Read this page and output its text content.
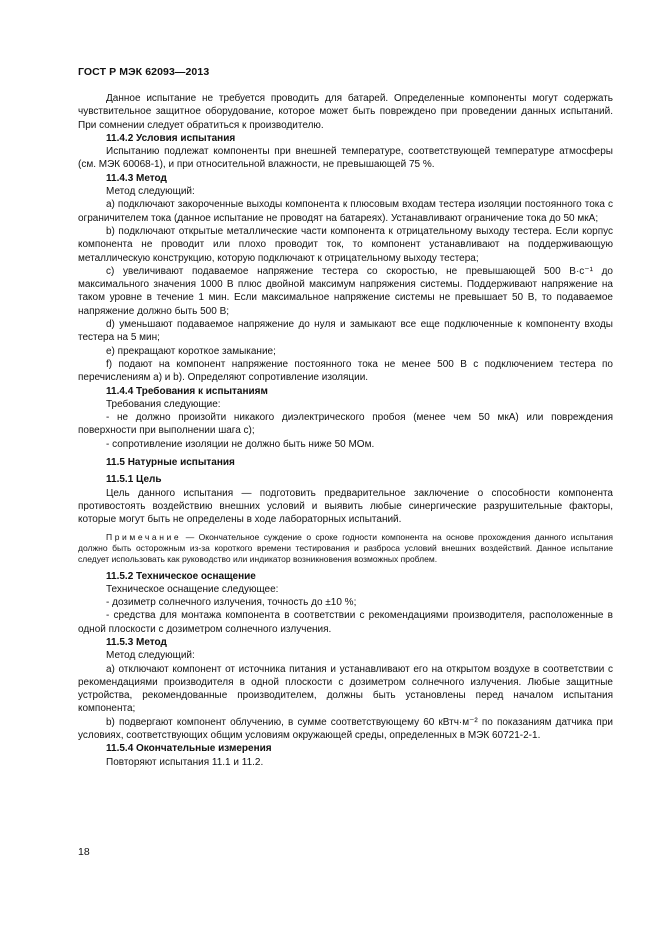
ГОСТ Р МЭК 62093—2013
Данное испытание не требуется проводить для батарей. Определенные компоненты могут содержать чувствительное защитное оборудование, которое может быть повреждено при проведении данных испытаний. При сомнении следует обратиться к производителю.
11.4.2 Условия испытания
Испытанию подлежат компоненты при внешней температуре, соответствующей температуре атмосферы (см. МЭК 60068-1), и при относительной влажности, не превышающей 75 %.
11.4.3 Метод
Метод следующий:
a) подключают закороченные выходы компонента к плюсовым входам тестера изоляции постоянного тока с ограничителем тока (данное испытание не проводят на батареях). Устанавливают ограничение тока до 50 мкА;
b) подключают открытые металлические части компонента к отрицательному выходу тестера. Если корпус компонента не проводит или плохо проводит ток, то компонент устанавливают на поддерживающую металлическую конструкцию, которую подключают к отрицательному выходу тестера;
c) увеличивают подаваемое напряжение тестера со скоростью, не превышающей 500 В·с⁻¹ до максимального значения 1000 В плюс двойной максимум напряжения системы. Поддерживают напряжение на таком уровне в течение 1 мин. Если максимальное напряжение системы не превышает 50 В, то подаваемое напряжение должно быть 500 В;
d) уменьшают подаваемое напряжение до нуля и замыкают все еще подключенные к компоненту входы тестера на 5 мин;
e) прекращают короткое замыкание;
f) подают на компонент напряжение постоянного тока не менее 500 В с подключением тестера по перечислениям a) и b). Определяют сопротивление изоляции.
11.4.4 Требования к испытаниям
Требования следующие:
- не должно произойти никакого диэлектрического пробоя (менее чем 50 мкА) или повреждения поверхности при выполнении шага c);
- сопротивление изоляции не должно быть ниже 50 МОм.
11.5 Натурные испытания
11.5.1 Цель
Цель данного испытания — подготовить предварительное заключение о способности компонента противостоять воздействию внешних условий и выявить любые синергические разрушительные факторы, которые могут быть не определены в ходе лабораторных испытаний.
Примечание — Окончательное суждение о сроке годности компонента на основе прохождения данного испытания должно быть осторожным из-за короткого времени тестирования и разброса условий внешних воздействий. Данное испытание следует использовать как руководство или индикатор возникновения возможных проблем.
11.5.2 Техническое оснащение
Техническое оснащение следующее:
- дозиметр солнечного излучения, точность до ±10 %;
- средства для монтажа компонента в соответствии с рекомендациями производителя, расположенные в одной плоскости с дозиметром солнечного излучения.
11.5.3 Метод
Метод следующий:
a) отключают компонент от источника питания и устанавливают его на открытом воздухе в соответствии с рекомендациями производителя в одной плоскости с дозиметром солнечного излучения. Любые защитные устройства, рекомендованные производителем, должны быть установлены перед началом испытания компонента;
b) подвергают компонент облучению, в сумме соответствующему 60 кВтч·м⁻² по показаниям датчика при условиях, соответствующих общим условиям окружающей среды, определенных в МЭК 60721-2-1.
11.5.4 Окончательные измерения
Повторяют испытания 11.1 и 11.2.
18
